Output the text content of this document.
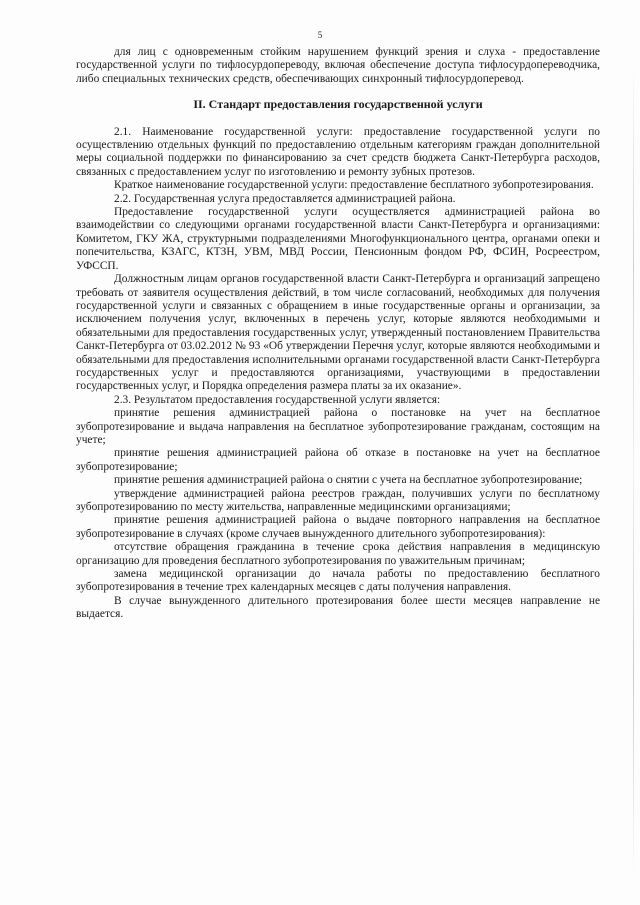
5

для лиц с одновременным стойким нарушением функций зрения и слуха - предоставление государственной услуги по тифлосурдопереводу, включая обеспечение доступа тифлосурдопереводчика, либо специальных технических средств, обеспечивающих синхронный тифлосурдоперевод.

II. Стандарт предоставления государственной услуги

2.1. Наименование государственной услуги: предоставление государственной услуги по осуществлению отдельных функций по предоставлению отдельным категориям граждан дополнительной меры социальной поддержки по финансированию за счет средств бюджета Санкт-Петербурга расходов, связанных с предоставлением услуг по изготовлению и ремонту зубных протезов.

Краткое наименование государственной услуги: предоставление бесплатного зубопротезирования.

2.2. Государственная услуга предоставляется администрацией района.

Предоставление государственной услуги осуществляется администрацией района во взаимодействии со следующими органами государственной власти Санкт-Петербурга и организациями: Комитетом, ГКУ ЖА, структурными подразделениями Многофункционального центра, органами опеки и попечительства, КЗАГС, КТЗН, УВМ, МВД России, Пенсионным фондом РФ, ФСИН, Росреестром, УФССП.

Должностным лицам органов государственной власти Санкт-Петербурга и организаций запрещено требовать от заявителя осуществления действий, в том числе согласований, необходимых для получения государственной услуги и связанных с обращением в иные государственные органы и организации, за исключением получения услуг, включенных в перечень услуг, которые являются необходимыми и обязательными для предоставления государственных услуг, утвержденный постановлением Правительства Санкт-Петербурга от 03.02.2012 № 93 «Об утверждении Перечня услуг, которые являются необходимыми и обязательными для предоставления исполнительными органами государственной власти Санкт-Петербурга государственных услуг и предоставляются организациями, участвующими в предоставлении государственных услуг, и Порядка определения размера платы за их оказание».

2.3. Результатом предоставления государственной услуги является:

принятие решения администрацией района о постановке на учет на бесплатное зубопротезирование и выдача направления на бесплатное зубопротезирование гражданам, состоящим на учете;

принятие решения администрацией района об отказе в постановке на учет на бесплатное зубопротезирование;

принятие решения администрацией района о снятии с учета на бесплатное зубопротезирование;

утверждение администрацией района реестров граждан, получивших услуги по бесплатному зубопротезированию по месту жительства, направленные медицинскими организациями;

принятие решения администрацией района о выдаче повторного направления на бесплатное зубопротезирование в случаях (кроме случаев вынужденного длительного зубопротезирования):

отсутствие обращения гражданина в течение срока действия направления в медицинскую организацию для проведения бесплатного зубопротезирования по уважительным причинам;

замена медицинской организации до начала работы по предоставлению бесплатного зубопротезирования в течение трех календарных месяцев с даты получения направления.

В случае вынужденного длительного протезирования более шести месяцев направление не выдается.
